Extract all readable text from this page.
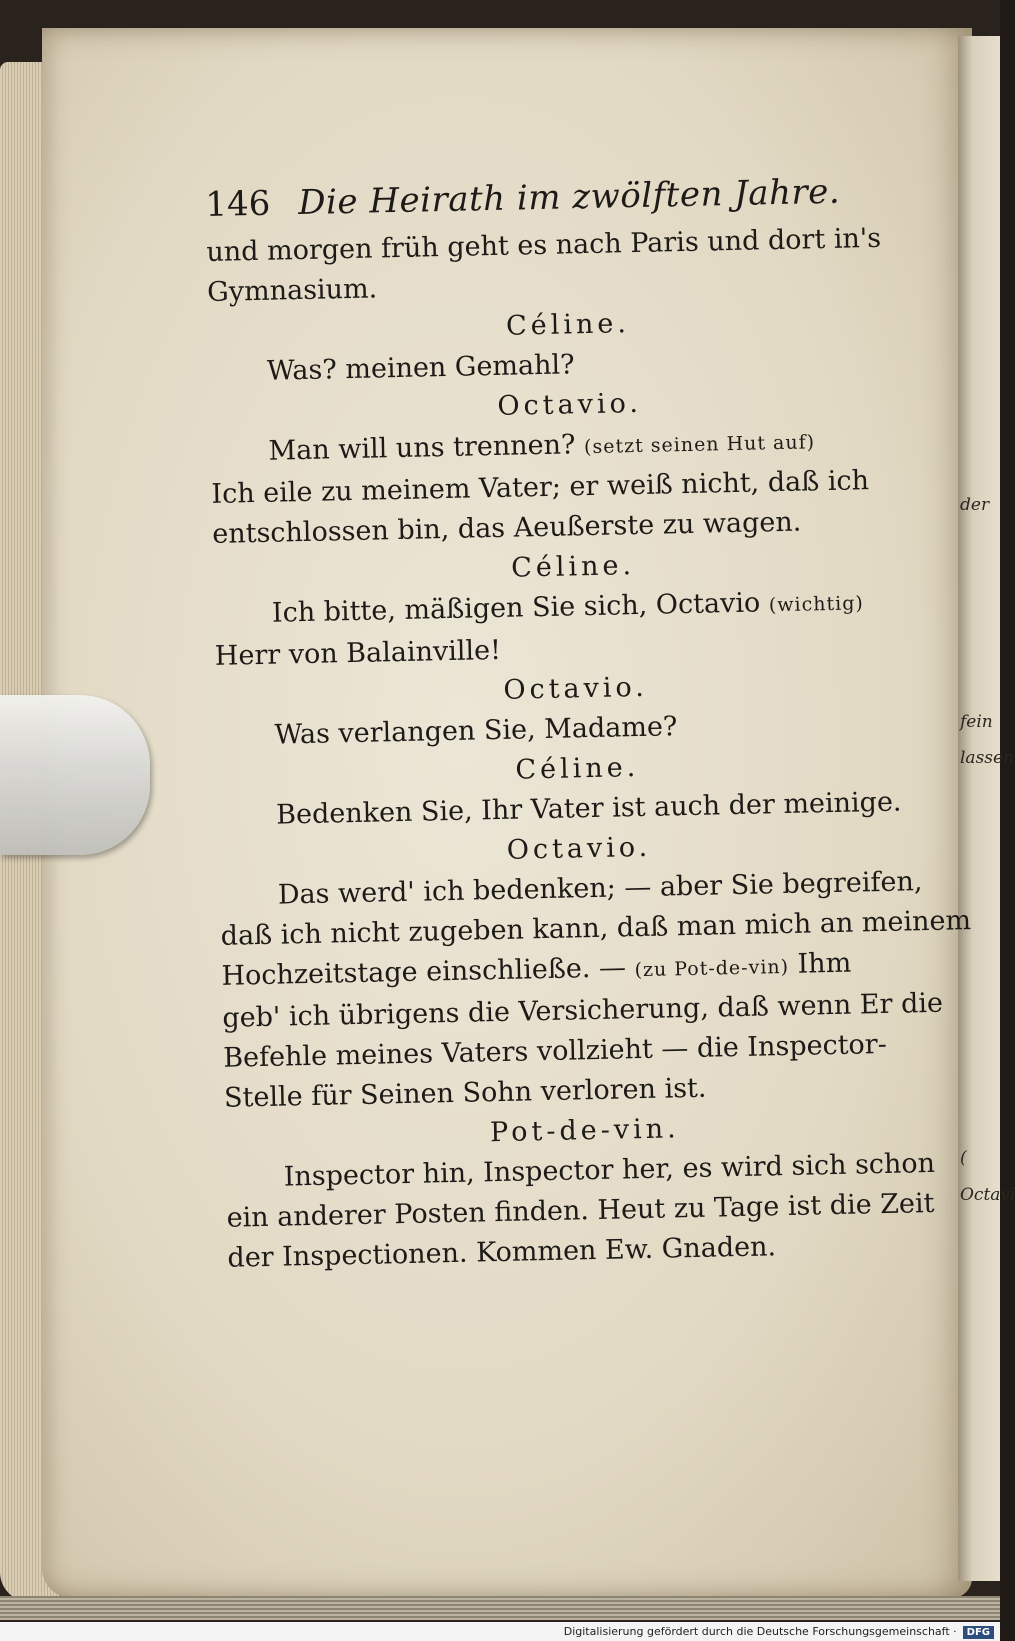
146 Die Heirath im zwölften Jahre.
und morgen früh geht es nach Paris und dort in's
Gymnasium.
Céline.
Was? meinen Gemahl?
Octavio.
Man will uns trennen? (setzt seinen Hut auf)
Ich eile zu meinem Vater; er weiß nicht, daß ich
entschlossen bin, das Aeußerste zu wagen.
Céline.
Ich bitte, mäßigen Sie sich, Octavio (wichtig)
Herr von Balainville!
Octavio.
Was verlangen Sie, Madame?
Céline.
Bedenken Sie, Ihr Vater ist auch der meinige.
Octavio.
Das werd' ich bedenken; — aber Sie begreifen,
daß ich nicht zugeben kann, daß man mich an meinem
Hochzeitstage einschließe. — (zu Pot-de-vin) Ihm
geb' ich übrigens die Versicherung, daß wenn Er die
Befehle meines Vaters vollzieht — die Inspector-
Stelle für Seinen Sohn verloren ist.
Pot-de-vin.
Inspector hin, Inspector her, es wird sich schon
ein anderer Posten finden. Heut zu Tage ist die Zeit
der Inspectionen. Kommen Ew. Gnaden.
der
fein
lassen
(
Octavi
Digitalisierung gefördert durch die Deutsche Forschungsgemeinschaft · DFG
